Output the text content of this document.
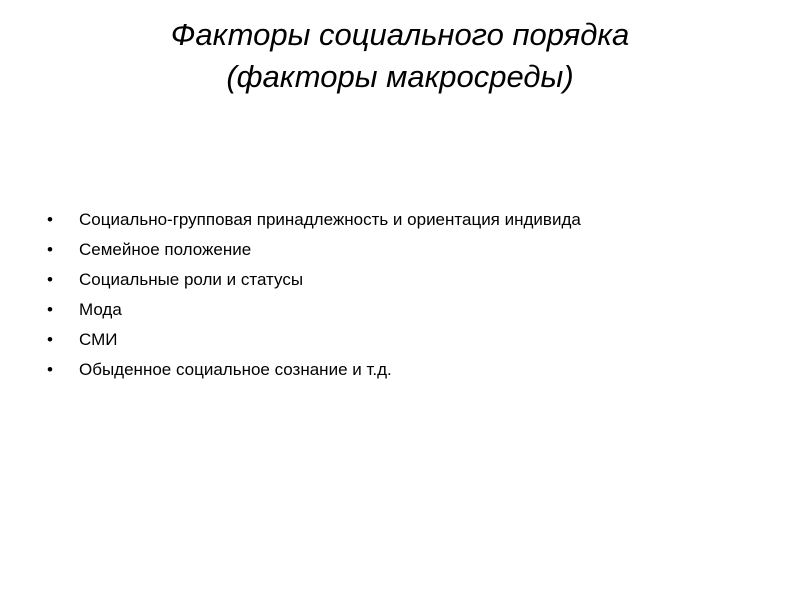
Факторы социального порядка
(факторы макросреды)
• Социально-групповая принадлежность и ориентация индивида
• Семейное положение
• Социальные роли и статусы
• Мода
• СМИ
• Обыденное социальное сознание и т.д.
